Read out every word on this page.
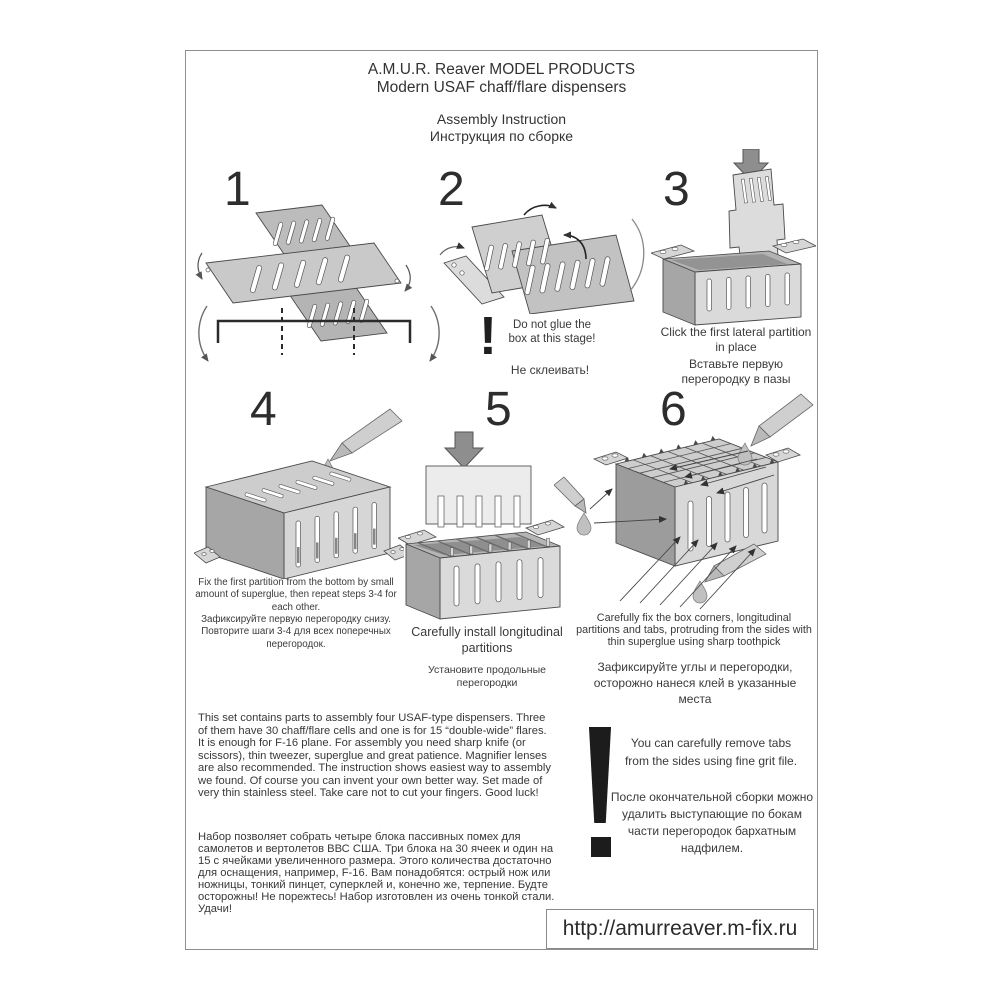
A.M.U.R. Reaver MODEL PRODUCTS
Modern USAF chaff/flare dispensers
Assembly Instruction
Инструкция по сборке
1	2	3
4	5	6
!	Do not glue the box at this stage!
Не склеивать!
Click the first lateral partition in place
Вставьте первую перегородку в пазы
Fix the first partition from the bottom by small amount of superglue, then repeat steps 3-4 for each other.
Зафиксируйте первую перегородку снизу. Повторите шаги 3-4 для всех поперечных перегородок.
Carefully install longitudinal partitions
Установите продольные перегородки
Carefully fix the box corners, longitudinal partitions and tabs, protruding from the sides with thin superglue using sharp toothpick
Зафиксируйте углы и перегородки, осторожно нанеся клей в указанные места
This set contains parts to assembly four USAF-type dispensers. Three of them have 30 chaff/flare cells and one is for 15 “double-wide” flares. It is enough for F-16 plane. For assembly you need sharp knife (or scissors), thin tweezer, superglue and great patience. Magnifier lenses are also recommended. The instruction shows easiest way to assembly we found. Of course you can invent your own better way. Set made of very thin stainless steel. Take care not to cut your fingers. Good luck!
Набор позволяет собрать четыре блока пассивных помех для самолетов и вертолетов ВВС США. Три блока на 30 ячеек и один на 15 с ячейками увеличенного размера. Этого количества достаточно для оснащения, например, F-16. Вам понадобятся: острый нож или ножницы, тонкий пинцет, суперклей и, конечно же, терпение. Будте осторожны! Не порежтесь! Набор изготовлен из очень тонкой стали. Удачи!
You can carefully remove tabs from the sides using fine grit file.
После окончательной сборки можно удалить выступающие по бокам части перегородок бархатным надфилем.
http://amurreaver.m-fix.ru
